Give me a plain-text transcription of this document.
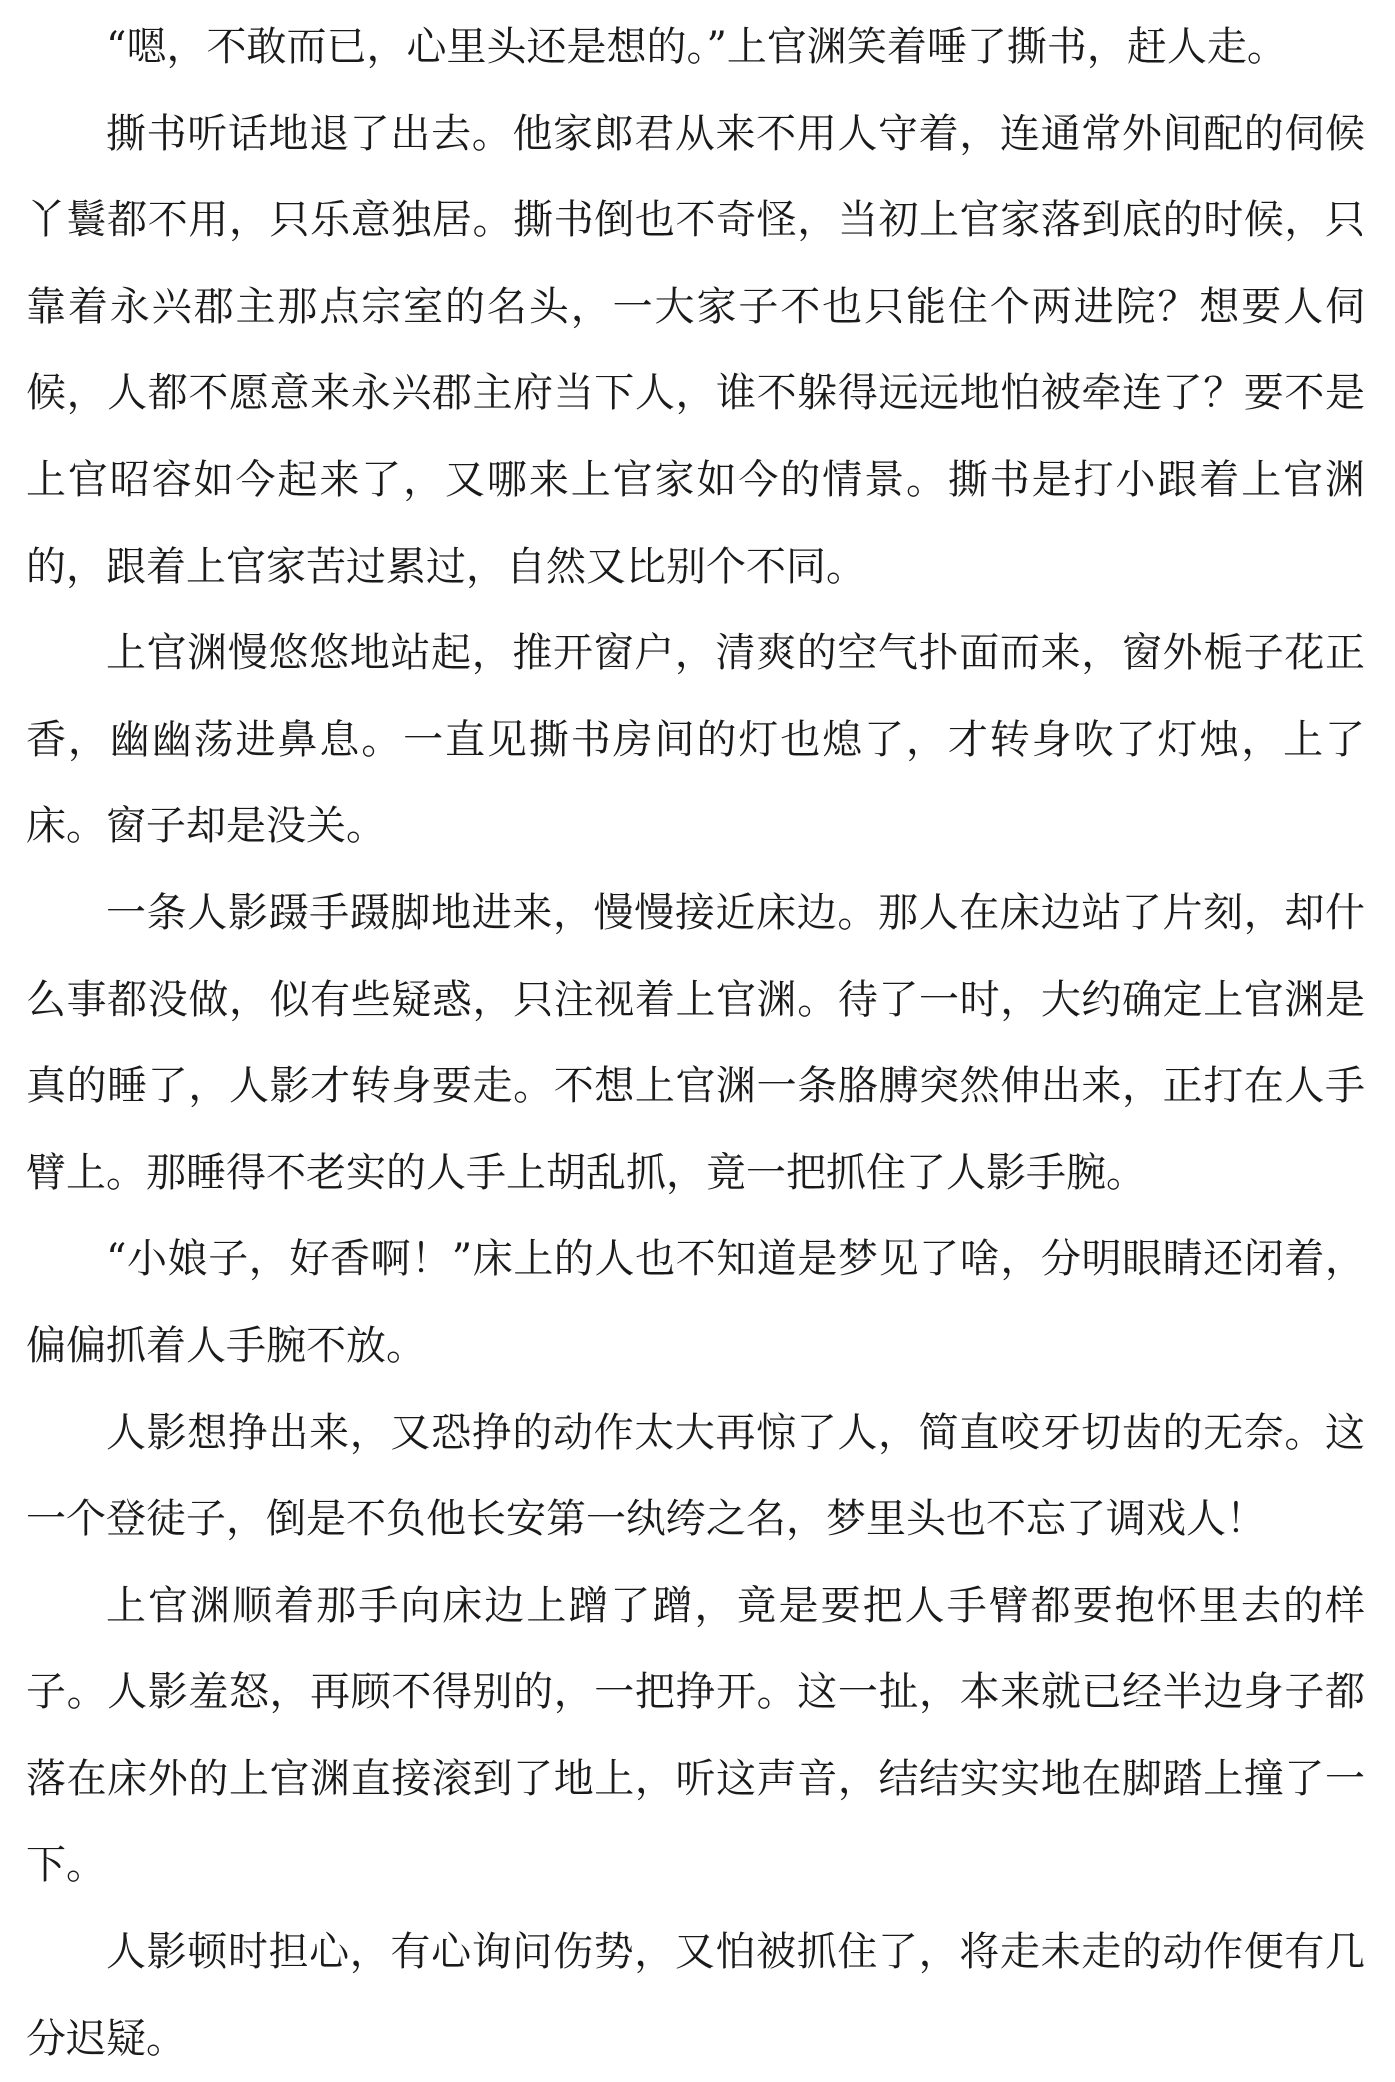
“嗯，不敢而已，心里头还是想的。”上官渊笑着唾了撕书，赶人走。

撕书听话地退了出去。他家郎君从来不用人守着，连通常外间配的伺候丫鬟都不用，只乐意独居。撕书倒也不奇怪，当初上官家落到底的时候，只靠着永兴郡主那点宗室的名头，一大家子不也只能住个两进院？想要人伺候，人都不愿意来永兴郡主府当下人，谁不躲得远远地怕被牵连了？要不是上官昭容如今起来了，又哪来上官家如今的情景。撕书是打小跟着上官渊的，跟着上官家苦过累过，自然又比别个不同。

上官渊慢悠悠地站起，推开窗户，清爽的空气扑面而来，窗外栀子花正香，幽幽荡进鼻息。一直见撕书房间的灯也熄了，才转身吹了灯烛，上了床。窗子却是没关。

一条人影蹑手蹑脚地进来，慢慢接近床边。那人在床边站了片刻，却什么事都没做，似有些疑惑，只注视着上官渊。待了一时，大约确定上官渊是真的睡了，人影才转身要走。不想上官渊一条胳膊突然伸出来，正打在人手臂上。那睡得不老实的人手上胡乱抓，竟一把抓住了人影手腕。

“小娘子，好香啊！”床上的人也不知道是梦见了啥，分明眼睛还闭着，偏偏抓着人手腕不放。

人影想挣出来，又恐挣的动作太大再惊了人，简直咬牙切齿的无奈。这一个登徒子，倒是不负他长安第一纨绔之名，梦里头也不忘了调戏人！

上官渊顺着那手向床边上蹭了蹭，竟是要把人手臂都要抱怀里去的样子。人影羞怒，再顾不得别的，一把挣开。这一扯，本来就已经半边身子都落在床外的上官渊直接滚到了地上，听这声音，结结实实地在脚踏上撞了一下。

人影顿时担心，有心询问伤势，又怕被抓住了，将走未走的动作便有几分迟疑。
